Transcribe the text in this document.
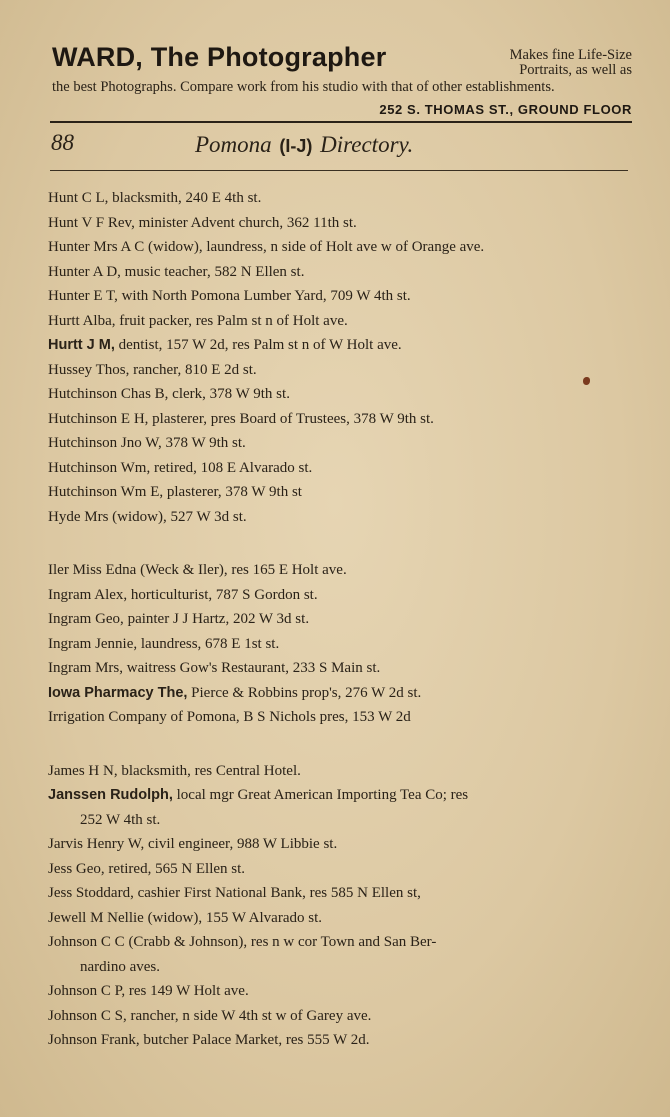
WARD, The Photographer	Makes fine Life-Size Portraits, as well as
the best Photographs. Compare work from his studio with that of other establishments.
252 S. THOMAS ST., GROUND FLOOR
88	Pomona (I-J) Directory.
Hunt C L, blacksmith, 240 E 4th st.
Hunt V F Rev, minister Advent church, 362 11th st.
Hunter Mrs A C (widow), laundress, n side of Holt ave w of Orange ave.
Hunter A D, music teacher, 582 N Ellen st.
Hunter E T, with North Pomona Lumber Yard, 709 W 4th st.
Hurtt Alba, fruit packer, res Palm st n of Holt ave.
Hurtt J M, dentist, 157 W 2d, res Palm st n of W Holt ave.
Hussey Thos, rancher, 810 E 2d st.
Hutchinson Chas B, clerk, 378 W 9th st.
Hutchinson E H, plasterer, pres Board of Trustees, 378 W 9th st.
Hutchinson Jno W, 378 W 9th st.
Hutchinson Wm, retired, 108 E Alvarado st.
Hutchinson Wm E, plasterer, 378 W 9th st
Hyde Mrs (widow), 527 W 3d st.
Iler Miss Edna (Weck & Iler), res 165 E Holt ave.
Ingram Alex, horticulturist, 787 S Gordon st.
Ingram Geo, painter J J Hartz, 202 W 3d st.
Ingram Jennie, laundress, 678 E 1st st.
Ingram Mrs, waitress Gow's Restaurant, 233 S Main st.
Iowa Pharmacy The, Pierce & Robbins prop's, 276 W 2d st.
Irrigation Company of Pomona, B S Nichols pres, 153 W 2d
James H N, blacksmith, res Central Hotel.
Janssen Rudolph, local mgr Great American Importing Tea Co; res
252 W 4th st.
Jarvis Henry W, civil engineer, 988 W Libbie st.
Jess Geo, retired, 565 N Ellen st.
Jess Stoddard, cashier First National Bank, res 585 N Ellen st,
Jewell M Nellie (widow), 155 W Alvarado st.
Johnson C C (Crabb & Johnson), res n w cor Town and San Ber-
nardino aves.
Johnson C P, res 149 W Holt ave.
Johnson C S, rancher, n side W 4th st w of Garey ave.
Johnson Frank, butcher Palace Market, res 555 W 2d.
